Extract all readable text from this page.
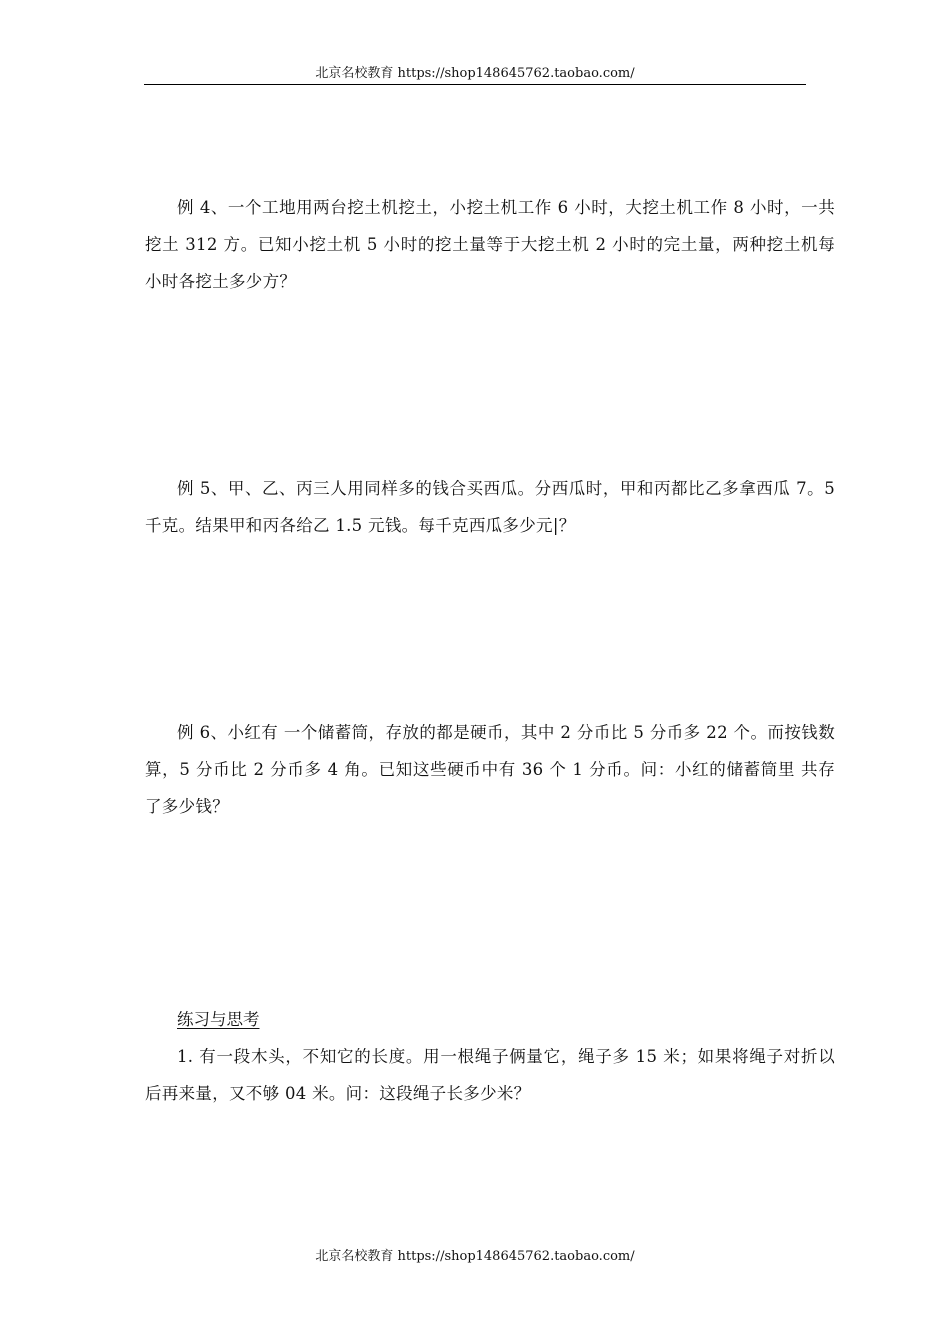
北京名校教育 https://shop148645762.taobao.com/
例 4、一个工地用两台挖土机挖土，小挖土机工作 6 小时，大挖土机工作 8 小时，一共挖土 312 方。已知小挖土机 5 小时的挖土量等于大挖土机 2 小时的完土量，两种挖土机每小时各挖土多少方？
例 5、甲、乙、丙三人用同样多的钱合买西瓜。分西瓜时，甲和丙都比乙多拿西瓜 7。5 千克。结果甲和丙各给乙 1.5 元钱。每千克西瓜多少元|？
例 6、小红有 一个储蓄筒，存放的都是硬币，其中 2 分币比 5 分币多 22 个。而按钱数算，5 分币比 2 分币多 4 角。已知这些硬币中有 36 个 1 分币。问：小红的储蓄筒里 共存了多少钱？
练习与思考
1. 有一段木头，不知它的长度。用一根绳子俩量它，绳子多 15 米；如果将绳子对折以后再来量，又不够 04 米。问：这段绳子长多少米？
北京名校教育 https://shop148645762.taobao.com/
